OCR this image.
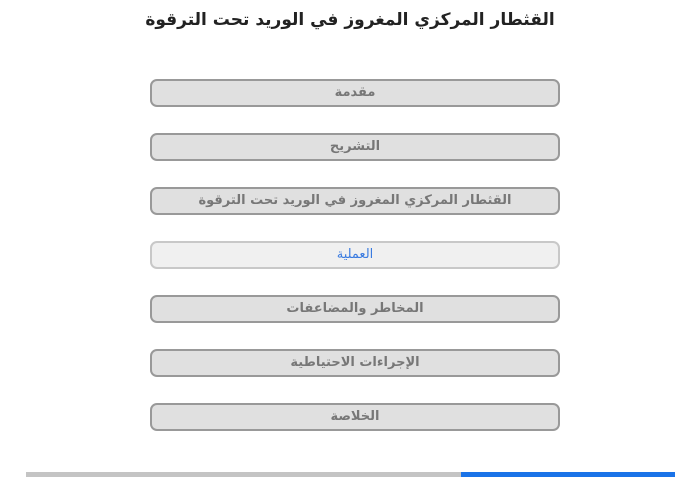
القثطار المركزي المغروز في الوريد تحت الترقوة
مقدمة
التشريح
القثطار المركزي المغروز في الوريد تحت الترقوة
العملية
المخاطر والمضاعفات
الإجراءات الاحتياطية
الخلاصة
